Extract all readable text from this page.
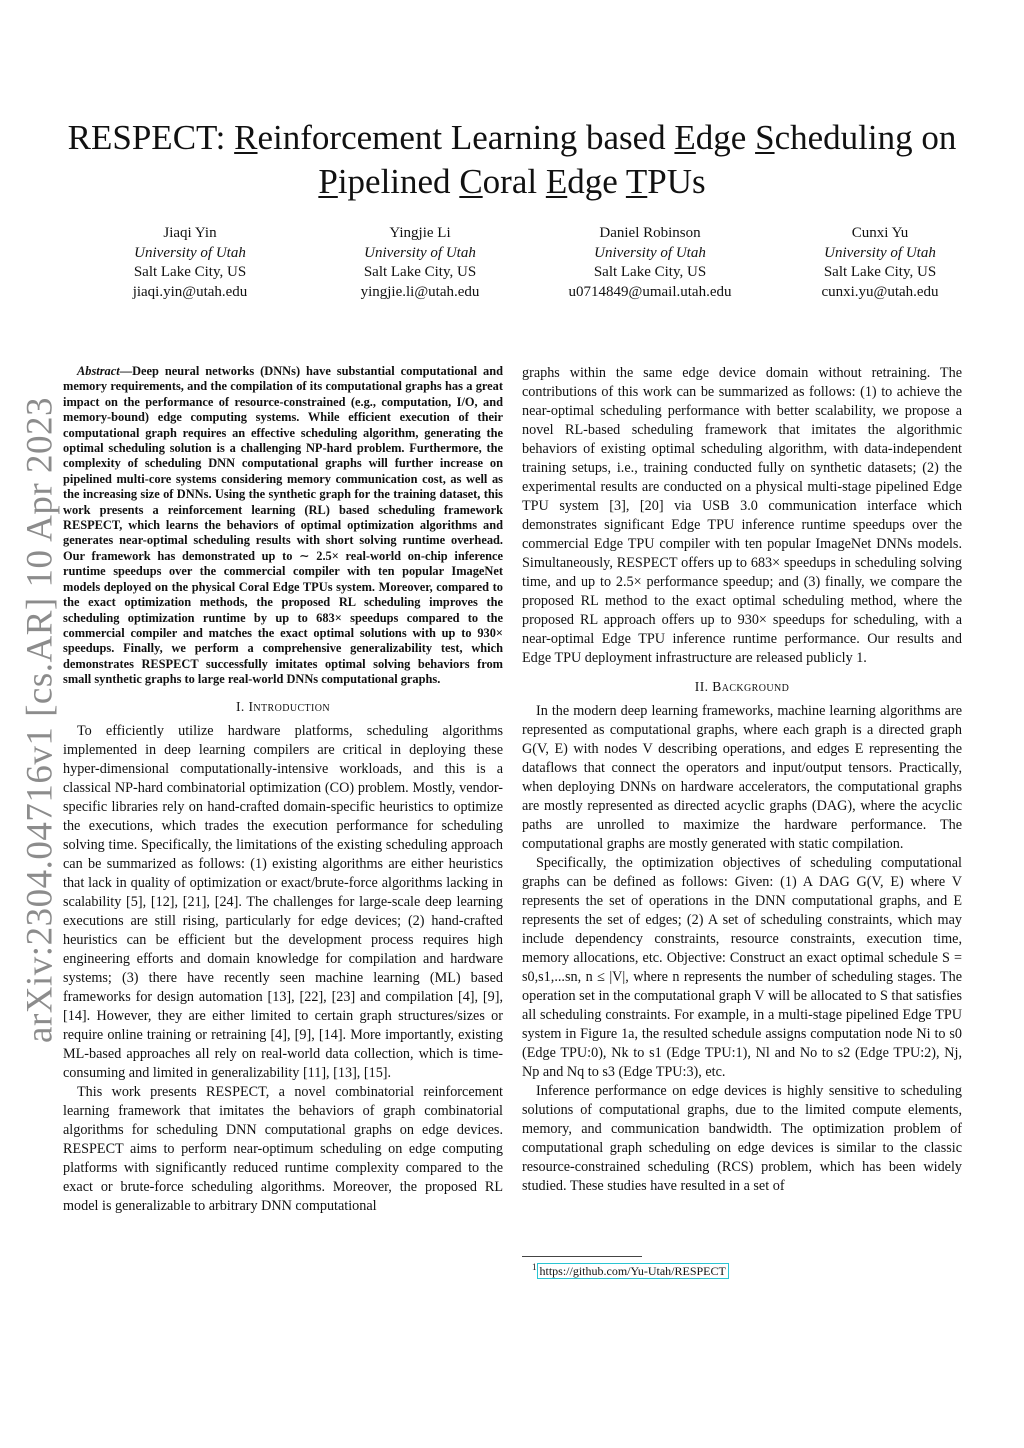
arXiv:2304.04716v1 [cs.AR] 10 Apr 2023
RESPECT: Reinforcement Learning based Edge Scheduling on
Pipelined Coral Edge TPUs
Jiaqi Yin
University of Utah
Salt Lake City, US
jiaqi.yin@utah.edu
Yingjie Li
University of Utah
Salt Lake City, US
yingjie.li@utah.edu
Daniel Robinson
University of Utah
Salt Lake City, US
u0714849@umail.utah.edu
Cunxi Yu
University of Utah
Salt Lake City, US
cunxi.yu@utah.edu

Abstract—Deep neural networks (DNNs) have substantial computational and memory requirements, and the compilation of its computational graphs has a great impact on the performance of resource-constrained (e.g., computation, I/O, and memory-bound) edge computing systems. While efficient execution of their computational graph requires an effective scheduling algorithm, generating the optimal scheduling solution is a challenging NP-hard problem. Furthermore, the complexity of scheduling DNN computational graphs will further increase on pipelined multi-core systems considering memory communication cost, as well as the increasing size of DNNs. Using the synthetic graph for the training dataset, this work presents a reinforcement learning (RL) based scheduling framework RESPECT, which learns the behaviors of optimal optimization algorithms and generates near-optimal scheduling results with short solving runtime overhead. Our framework has demonstrated up to ∼ 2.5× real-world on-chip inference runtime speedups over the commercial compiler with ten popular ImageNet models deployed on the physical Coral Edge TPUs system. Moreover, compared to the exact optimization methods, the proposed RL scheduling improves the scheduling optimization runtime by up to 683× speedups compared to the commercial compiler and matches the exact optimal solutions with up to 930× speedups. Finally, we perform a comprehensive generalizability test, which demonstrates RESPECT successfully imitates optimal solving behaviors from small synthetic graphs to large real-world DNNs computational graphs.

I. Introduction

To efficiently utilize hardware platforms, scheduling algorithms implemented in deep learning compilers are critical in deploying these hyper-dimensional computationally-intensive workloads, and this is a classical NP-hard combinatorial optimization (CO) problem. Mostly, vendor-specific libraries rely on hand-crafted domain-specific heuristics to optimize the executions, which trades the execution performance for scheduling solving time. Specifically, the limitations of the existing scheduling approach can be summarized as follows: (1) existing algorithms are either heuristics that lack in quality of optimization or exact/brute-force algorithms lacking in scalability [5], [12], [21], [24]. The challenges for large-scale deep learning executions are still rising, particularly for edge devices; (2) hand-crafted heuristics can be efficient but the development process requires high engineering efforts and domain knowledge for compilation and hardware systems; (3) there have recently seen machine learning (ML) based frameworks for design automation [13], [22], [23] and compilation [4], [9], [14]. However, they are either limited to certain graph structures/sizes or require online training or retraining [4], [9], [14]. More importantly, existing ML-based approaches all rely on real-world data collection, which is time-consuming and limited in generalizability [11], [13], [15].

This work presents RESPECT, a novel combinatorial reinforcement learning framework that imitates the behaviors of graph combinatorial algorithms for scheduling DNN computational graphs on edge devices. RESPECT aims to perform near-optimum scheduling on edge computing platforms with significantly reduced runtime complexity compared to the exact or brute-force scheduling algorithms. Moreover, the proposed RL model is generalizable to arbitrary DNN computational

graphs within the same edge device domain without retraining. The contributions of this work can be summarized as follows: (1) to achieve the near-optimal scheduling performance with better scalability, we propose a novel RL-based scheduling framework that imitates the algorithmic behaviors of existing optimal scheduling algorithm, with data-independent training setups, i.e., training conducted fully on synthetic datasets; (2) the experimental results are conducted on a physical multi-stage pipelined Edge TPU system [3], [20] via USB 3.0 communication interface which demonstrates significant Edge TPU inference runtime speedups over the commercial Edge TPU compiler with ten popular ImageNet DNNs models. Simultaneously, RESPECT offers up to 683× speedups in scheduling solving time, and up to 2.5× performance speedup; and (3) finally, we compare the proposed RL method to the exact optimal scheduling method, where the proposed RL approach offers up to 930× speedups for scheduling, with a near-optimal Edge TPU inference runtime performance. Our results and Edge TPU deployment infrastructure are released publicly 1.

II. Background

In the modern deep learning frameworks, machine learning algorithms are represented as computational graphs, where each graph is a directed graph G(V, E) with nodes V describing operations, and edges E representing the dataflows that connect the operators and input/output tensors. Practically, when deploying DNNs on hardware accelerators, the computational graphs are mostly represented as directed acyclic graphs (DAG), where the acyclic paths are unrolled to maximize the hardware performance. The computational graphs are mostly generated with static compilation.

Specifically, the optimization objectives of scheduling computational graphs can be defined as follows: Given: (1) A DAG G(V, E) where V represents the set of operations in the DNN computational graphs, and E represents the set of edges; (2) A set of scheduling constraints, which may include dependency constraints, resource constraints, execution time, memory allocations, etc. Objective: Construct an exact optimal schedule S = s0,s1,...sn, n ≤ |V|, where n represents the number of scheduling stages. The operation set in the computational graph V will be allocated to S that satisfies all scheduling constraints. For example, in a multi-stage pipelined Edge TPU system in Figure 1a, the resulted schedule assigns computation node Ni to s0 (Edge TPU:0), Nk to s1 (Edge TPU:1), Nl and No to s2 (Edge TPU:2), Nj, Np and Nq to s3 (Edge TPU:3), etc.

Inference performance on edge devices is highly sensitive to scheduling solutions of computational graphs, due to the limited compute elements, memory, and communication bandwidth. The optimization problem of computational graph scheduling on edge devices is similar to the classic resource-constrained scheduling (RCS) problem, which has been widely studied. These studies have resulted in a set of

$^1$ https://github.com/Yu-Utah/RESPECT
